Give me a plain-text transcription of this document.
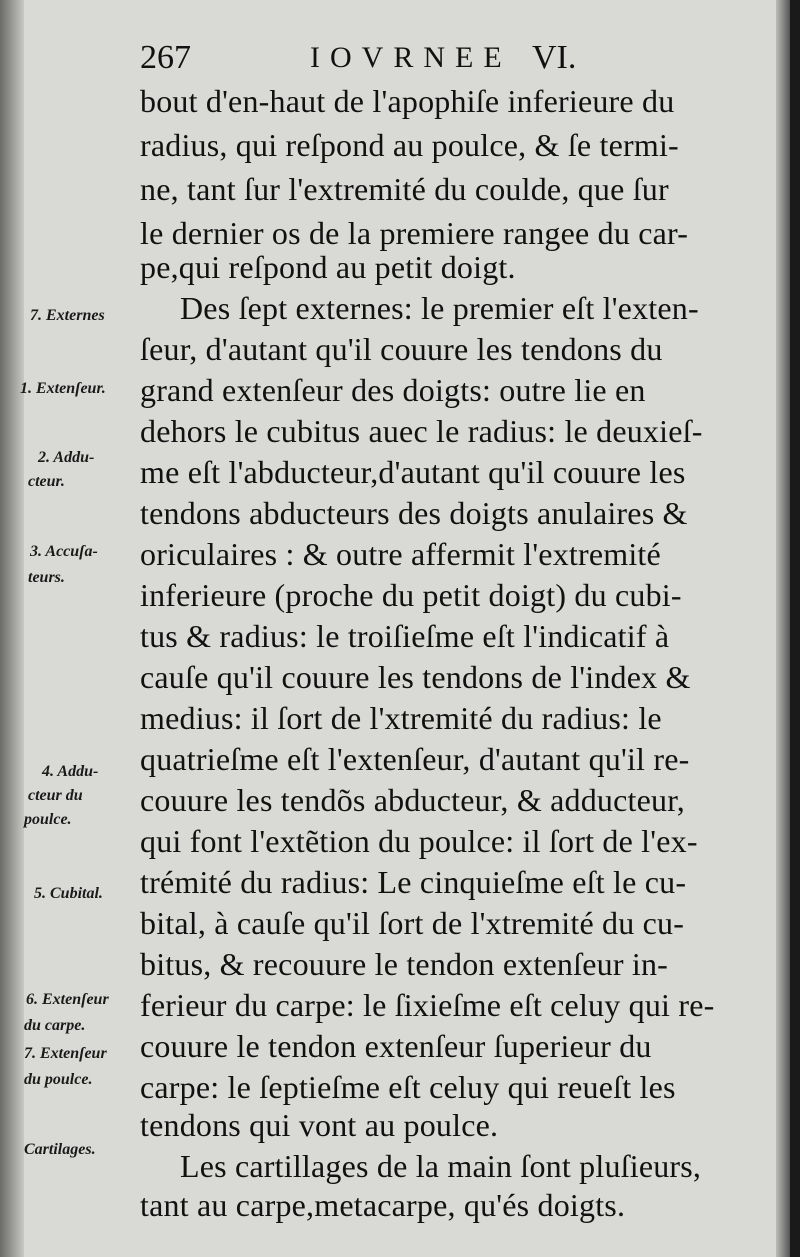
267	IOVRNEE VI.
bout d'en-haut de l'apophiſe inferieure du
radius, qui reſpond au poulce, & ſe termi-
ne, tant ſur l'extremité du coulde, que ſur
le dernier os de la premiere rangee du car-
pe,qui reſpond au petit doigt.
Des ſept externes: le premier eſt l'exten-
ſeur, d'autant qu'il couure les tendons du
grand extenſeur des doigts: outre lie en
dehors le cubitus auec le radius: le deuxieſ-
me eſt l'abducteur,d'autant qu'il couure les
tendons abducteurs des doigts anulaires &
oriculaires : & outre affermit l'extremité
inferieure (proche du petit doigt) du cubi-
tus & radius: le troiſieſme eſt l'indicatif à
cauſe qu'il couure les tendons de l'index &
medius: il ſort de l'xtremité du radius: le
quatrieſme eſt l'extenſeur, d'autant qu'il re-
couure les tendõs abducteur, & adducteur,
qui font l'extẽtion du poulce: il ſort de l'ex-
trémité du radius: Le cinquieſme eſt le cu-
bital, à cauſe qu'il ſort de l'xtremité du cu-
bitus, & recouure le tendon extenſeur in-
ferieur du carpe: le ſixieſme eſt celuy qui re-
couure le tendon extenſeur ſuperieur du
carpe: le ſeptieſme eſt celuy qui reueſt les
tendons qui vont au poulce.
Les cartillages de la main ſont pluſieurs,
tant au carpe,metacarpe, qu'és doigts.
7. Externes
1. Extenſeur.
2. Addu-
cteur.
3. Accuſa-
teurs.
4. Addu-
cteur du
poulce.
5. Cubital.
6. Extenſeur
du carpe.
7. Extenſeur
du poulce.
Cartilages.
